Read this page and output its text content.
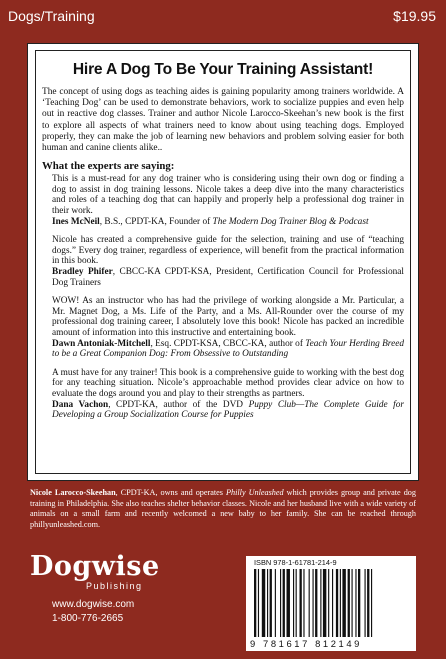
Dogs/Training	$19.95
Hire A Dog To Be Your Training Assistant!

The concept of using dogs as teaching aides is gaining popularity among trainers worldwide. A ‘Teaching Dog’ can be used to demonstrate behaviors, work to socialize puppies and even help out in reactive dog classes. Trainer and author Nicole Larocco-Skeehan’s new book is the first to explore all aspects of what trainers need to know about using teaching dogs. Employed properly, they can make the job of learning new behaviors and problem solving easier for both human and canine clients alike..

What the experts are saying:

This is a must-read for any dog trainer who is considering using their own dog or finding a dog to assist in dog training lessons. Nicole takes a deep dive into the many characteristics and roles of a teaching dog that can happily and properly help a professional dog trainer in their work.

Ines McNeil, B.S., CPDT-KA, Founder of The Modern Dog Trainer Blog & Podcast

Nicole has created a comprehensive guide for the selection, training and use of “teaching dogs.” Every dog trainer, regardless of experience, will benefit from the practical information in this book.

Bradley Phifer, CBCC-KA CPDT-KSA, President, Certification Council for Professional Dog Trainers

WOW! As an instructor who has had the privilege of working alongside a Mr. Particular, a Mr. Magnet Dog, a Ms. Life of the Party, and a Ms. All-Rounder over the course of my professional dog training career, I absolutely love this book! Nicole has packed an incredible amount of information into this instructive and entertaining book.

Dawn Antoniak-Mitchell, Esq. CPDT-KSA, CBCC-KA, author of Teach Your Herding Breed to be a Great Companion Dog: From Obsessive to Outstanding

A must have for any trainer! This book is a comprehensive guide to working with the best dog for any teaching situation. Nicole’s approachable method provides clear advice on how to evaluate the dogs around you and play to their strengths as partners.

Dana Vachon, CPDT-KA, author of the DVD Puppy Club—The Complete Guide for Developing a Group Socialization Course for Puppies

Nicole Larocco-Skeehan, CPDT-KA, owns and operates Philly Unleashed which provides group and private dog training in Philadelphia. She also teaches shelter behavior classes. Nicole and her husband live with a wide variety of animals on a small farm and recently welcomed a new baby to her family. She can be reached through phillyunleashed.com.
Dogwise
Publishing
www.dogwise.com
1-800-776-2665
ISBN 978-1-61781-214-9
9 781617 812149
